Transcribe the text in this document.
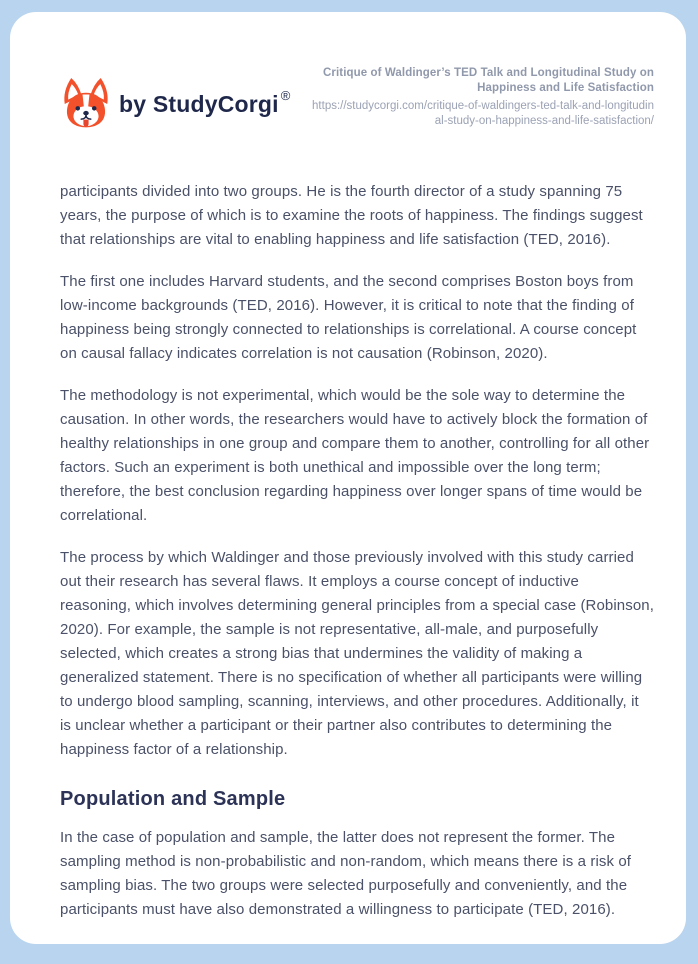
by StudyCorgi ®
Critique of Waldinger’s TED Talk and Longitudinal Study on Happiness and Life Satisfaction
https://studycorgi.com/critique-of-waldingers-ted-talk-and-longitudinal-study-on-happiness-and-life-satisfaction/

participants divided into two groups. He is the fourth director of a study spanning 75 years, the purpose of which is to examine the roots of happiness. The findings suggest that relationships are vital to enabling happiness and life satisfaction (TED, 2016).

The first one includes Harvard students, and the second comprises Boston boys from low-income backgrounds (TED, 2016). However, it is critical to note that the finding of happiness being strongly connected to relationships is correlational. A course concept on causal fallacy indicates correlation is not causation (Robinson, 2020).

The methodology is not experimental, which would be the sole way to determine the causation. In other words, the researchers would have to actively block the formation of healthy relationships in one group and compare them to another, controlling for all other factors. Such an experiment is both unethical and impossible over the long term; therefore, the best conclusion regarding happiness over longer spans of time would be correlational.

The process by which Waldinger and those previously involved with this study carried out their research has several flaws. It employs a course concept of inductive reasoning, which involves determining general principles from a special case (Robinson, 2020). For example, the sample is not representative, all-male, and purposefully selected, which creates a strong bias that undermines the validity of making a generalized statement. There is no specification of whether all participants were willing to undergo blood sampling, scanning, interviews, and other procedures. Additionally, it is unclear whether a participant or their partner also contributes to determining the happiness factor of a relationship.

Population and Sample

In the case of population and sample, the latter does not represent the former. The sampling method is non-probabilistic and non-random, which means there is a risk of sampling bias. The two groups were selected purposefully and conveniently, and the participants must have also demonstrated a willingness to participate (TED, 2016).
